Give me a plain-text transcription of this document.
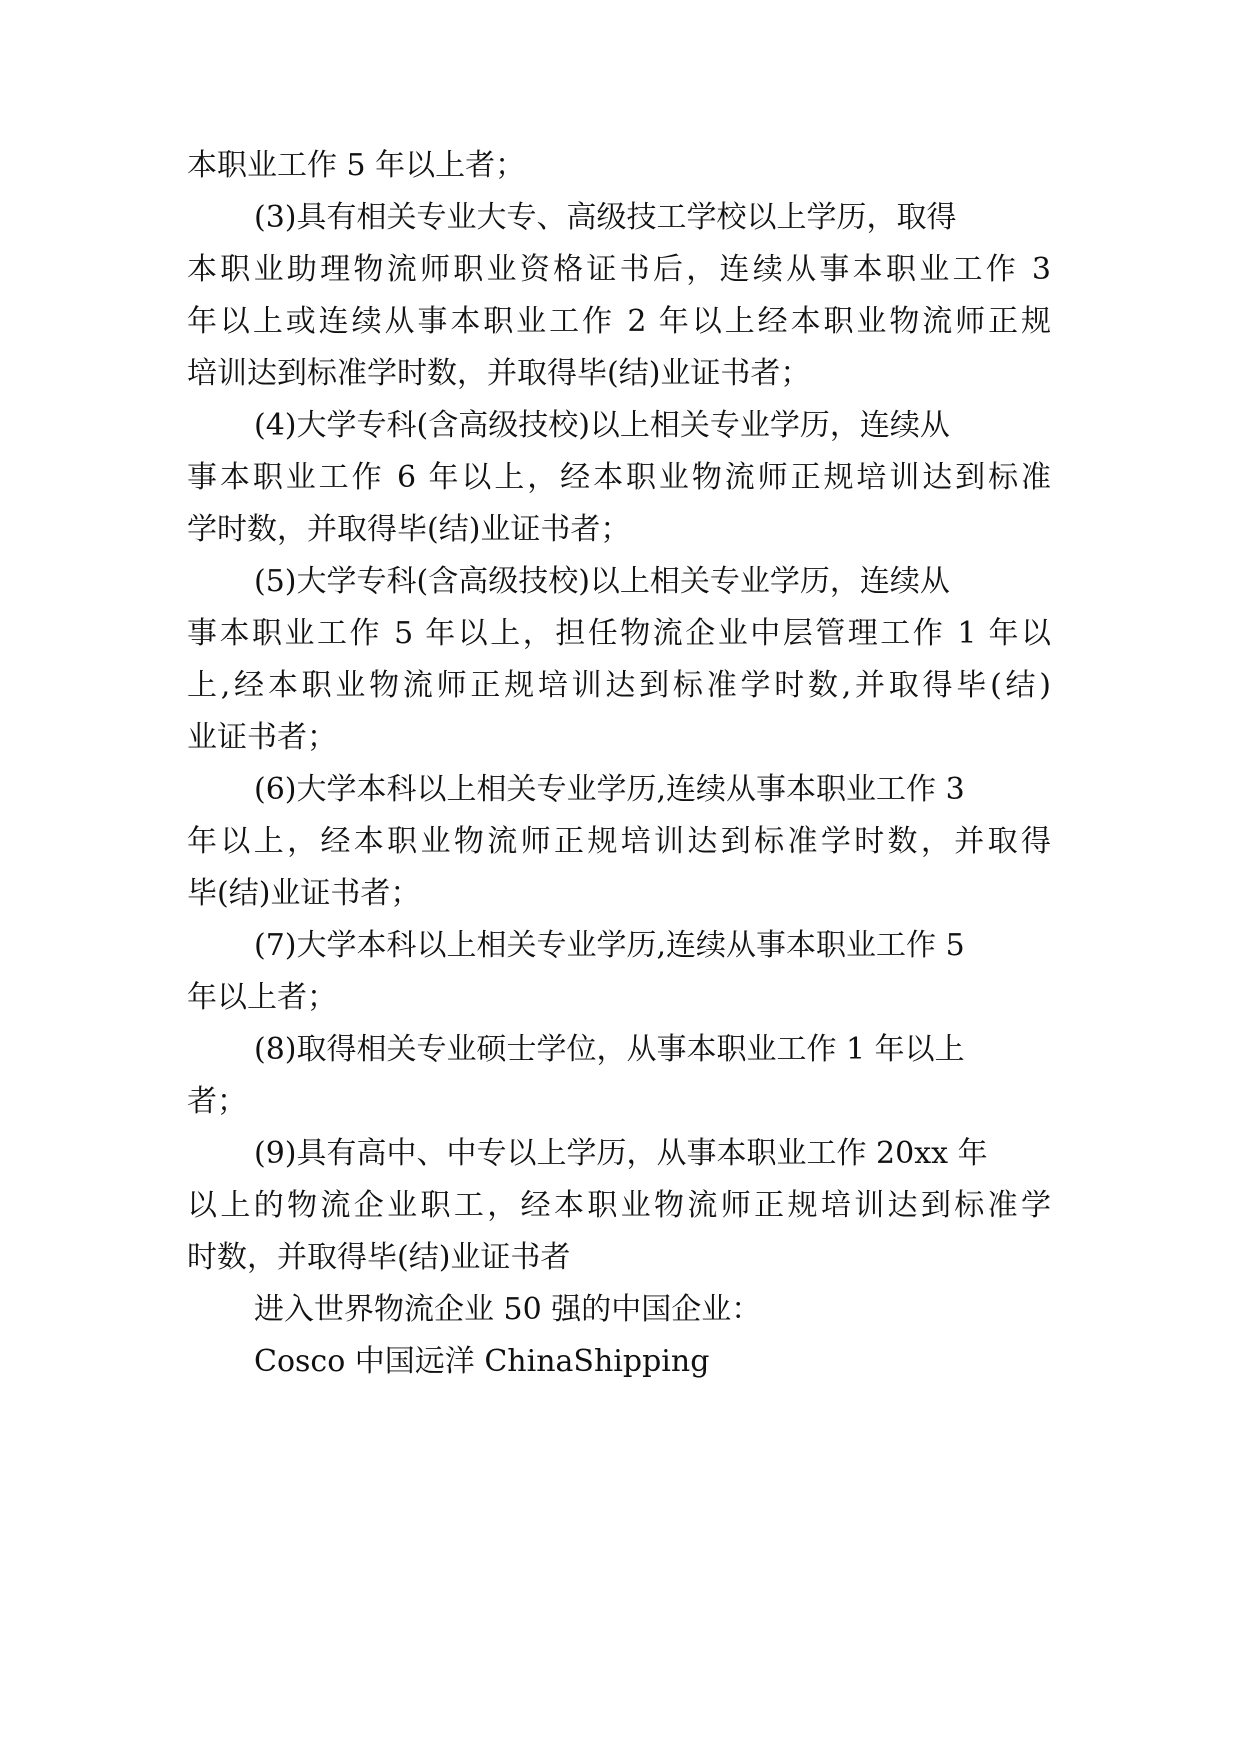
本职业工作 5 年以上者；
(3)具有相关专业大专、高级技工学校以上学历，取得
本职业助理物流师职业资格证书后，连续从事本职业工作 3
年以上或连续从事本职业工作 2 年以上经本职业物流师正规
培训达到标准学时数，并取得毕(结)业证书者；
(4)大学专科(含高级技校)以上相关专业学历，连续从
事本职业工作 6 年以上，经本职业物流师正规培训达到标准
学时数，并取得毕(结)业证书者；
(5)大学专科(含高级技校)以上相关专业学历，连续从
事本职业工作 5 年以上，担任物流企业中层管理工作 1 年以
上,经本职业物流师正规培训达到标准学时数,并取得毕(结)
业证书者；
(6)大学本科以上相关专业学历,连续从事本职业工作 3
年以上，经本职业物流师正规培训达到标准学时数，并取得
毕(结)业证书者；
(7)大学本科以上相关专业学历,连续从事本职业工作 5
年以上者；
(8)取得相关专业硕士学位，从事本职业工作 1 年以上
者；
(9)具有高中、中专以上学历，从事本职业工作 20xx 年
以上的物流企业职工，经本职业物流师正规培训达到标准学
时数，并取得毕(结)业证书者
进入世界物流企业 50 强的中国企业：
Cosco 中国远洋 ChinaShipping
